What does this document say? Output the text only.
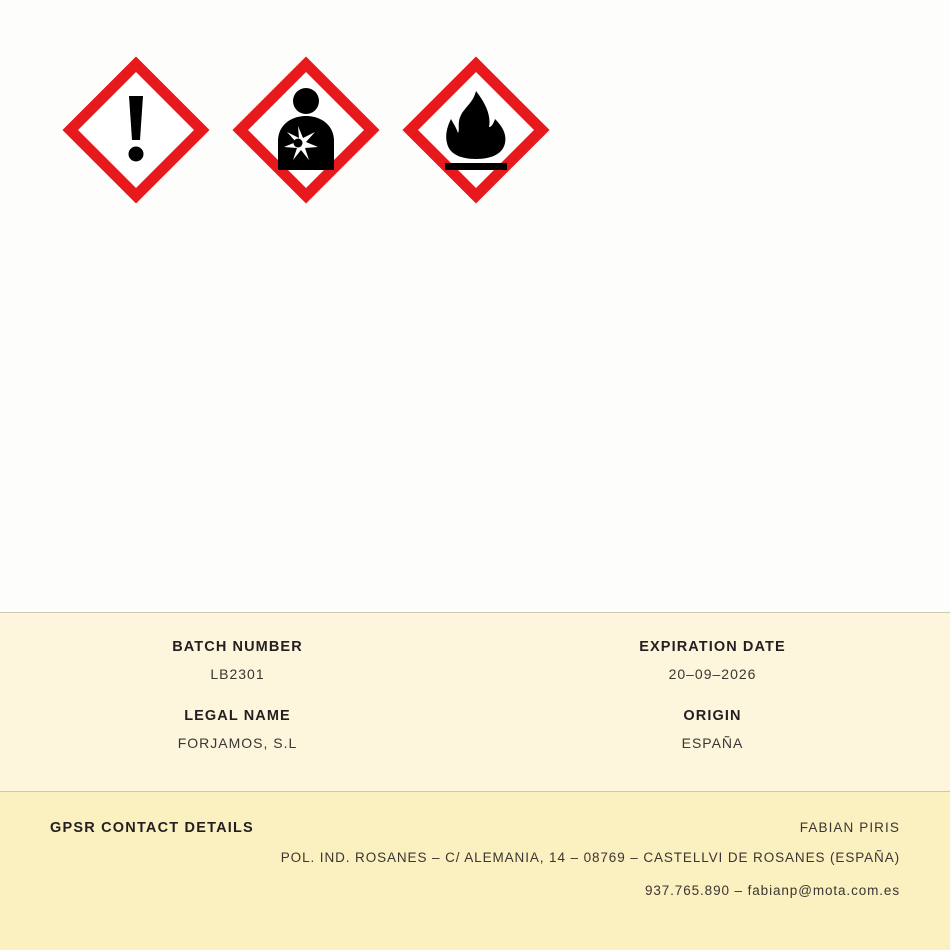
BATCH NUMBER
LB2301
EXPIRATION DATE
20–09–2026
LEGAL NAME
FORJAMOS, S.L
ORIGIN
ESPAÑA
GPSR CONTACT DETAILS	FABIAN PIRIS
POL. IND. ROSANES – C/ ALEMANIA, 14 – 08769 – CASTELLVI DE ROSANES (ESPAÑA)
937.765.890 – fabianp@mota.com.es
